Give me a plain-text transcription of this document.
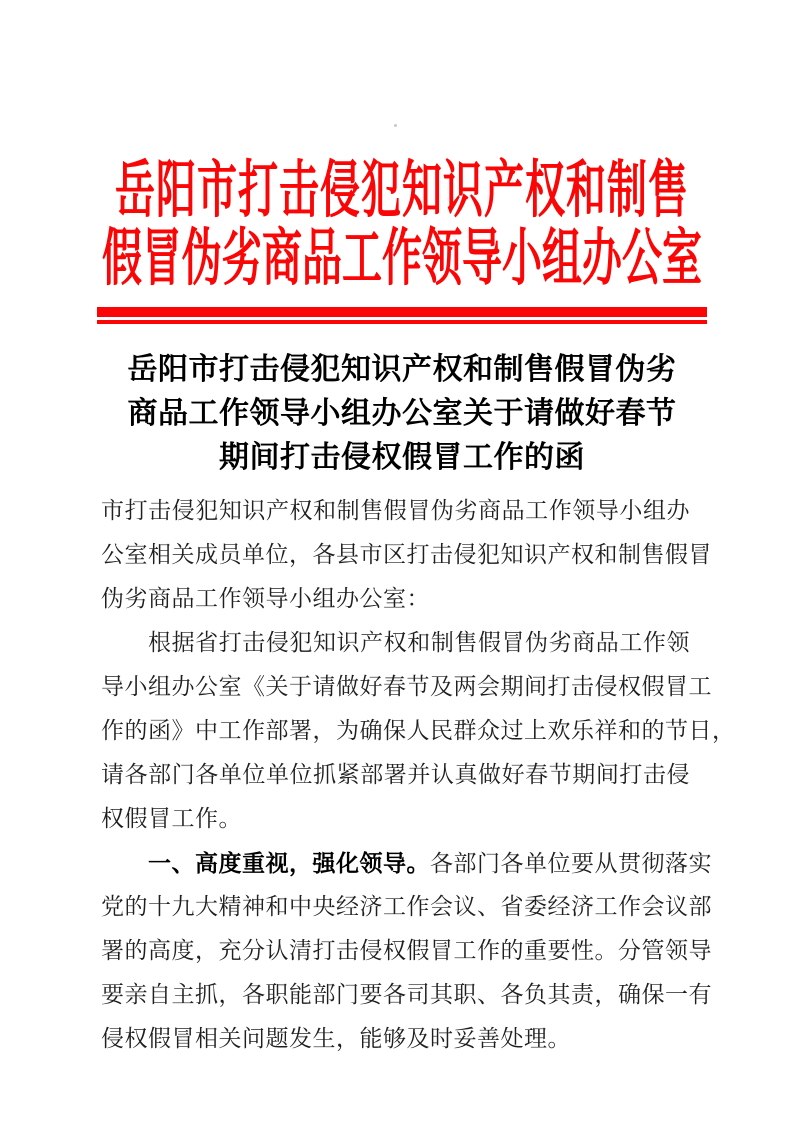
岳阳市打击侵犯知识产权和制售
假冒伪劣商品工作领导小组办公室
岳阳市打击侵犯知识产权和制售假冒伪劣
商品工作领导小组办公室关于请做好春节
期间打击侵权假冒工作的函
市打击侵犯知识产权和制售假冒伪劣商品工作领导小组办
公室相关成员单位，各县市区打击侵犯知识产权和制售假冒
伪劣商品工作领导小组办公室：
根据省打击侵犯知识产权和制售假冒伪劣商品工作领
导小组办公室《关于请做好春节及两会期间打击侵权假冒工
作的函》中工作部署，为确保人民群众过上欢乐祥和的节日，
请各部门各单位单位抓紧部署并认真做好春节期间打击侵
权假冒工作。
一、高度重视，强化领导。各部门各单位要从贯彻落实
党的十九大精神和中央经济工作会议、省委经济工作会议部
署的高度，充分认清打击侵权假冒工作的重要性。分管领导
要亲自主抓，各职能部门要各司其职、各负其责，确保一有
侵权假冒相关问题发生，能够及时妥善处理。
